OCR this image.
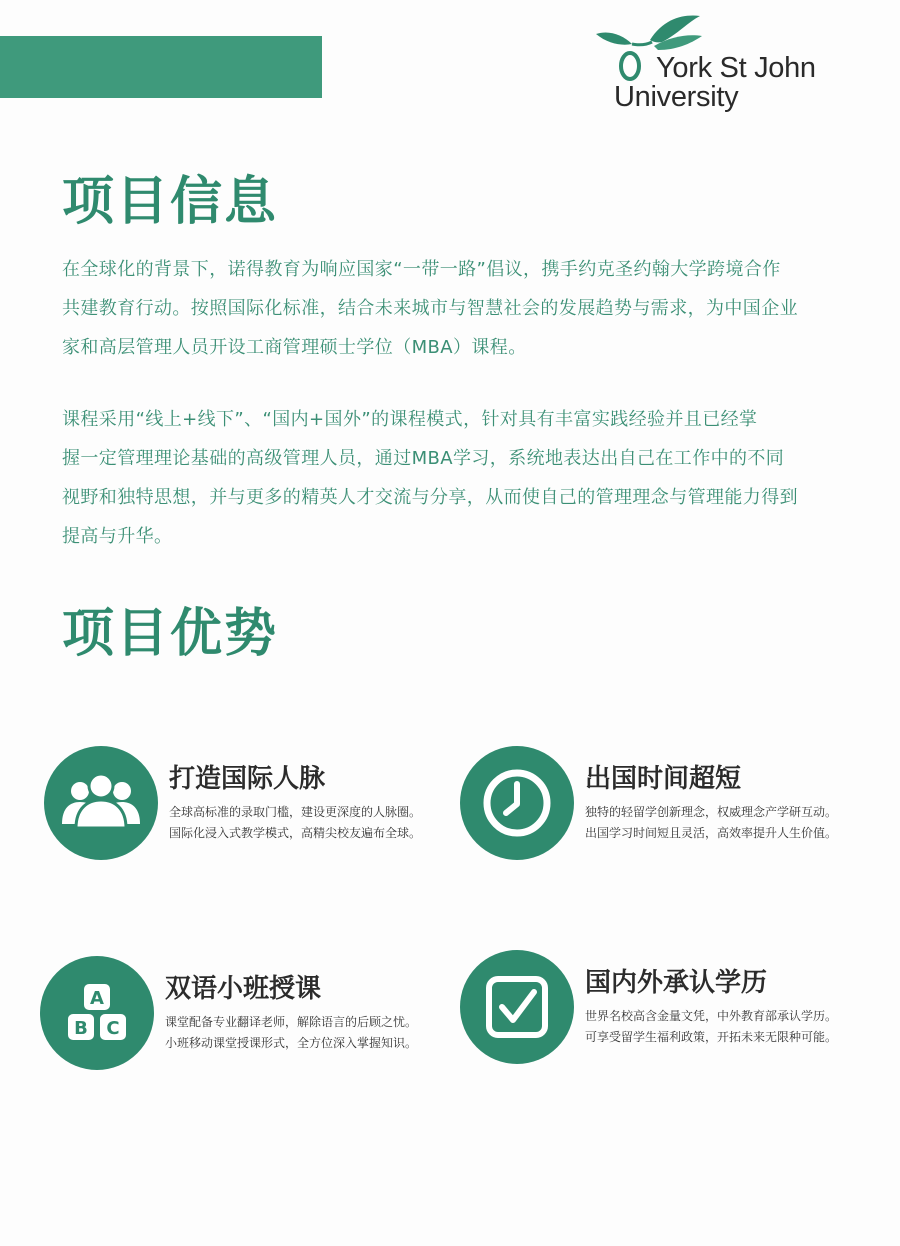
York St John
University
项目信息
在全球化的背景下，诺得教育为响应国家“一带一路”倡议，携手约克圣约翰大学跨境合作
共建教育行动。按照国际化标准，结合未来城市与智慧社会的发展趋势与需求，为中国企业
家和高层管理人员开设工商管理硕士学位（MBA）课程。
课程采用“线上+线下”、“国内+国外”的课程模式，针对具有丰富实践经验并且已经掌
握一定管理理论基础的高级管理人员，通过MBA学习，系统地表达出自己在工作中的不同
视野和独特思想，并与更多的精英人才交流与分享，从而使自己的管理理念与管理能力得到
提高与升华。
项目优势
打造国际人脉
全球高标准的录取门槛，建设更深度的人脉圈。
国际化浸入式教学模式，高精尖校友遍布全球。
出国时间超短
独特的轻留学创新理念，权威理念产学研互动。
出国学习时间短且灵活，高效率提升人生价值。
A
B C
双语小班授课
课堂配备专业翻译老师，解除语言的后顾之忧。
小班移动课堂授课形式，全方位深入掌握知识。
国内外承认学历
世界名校高含金量文凭，中外教育部承认学历。
可享受留学生福利政策，开拓未来无限种可能。
